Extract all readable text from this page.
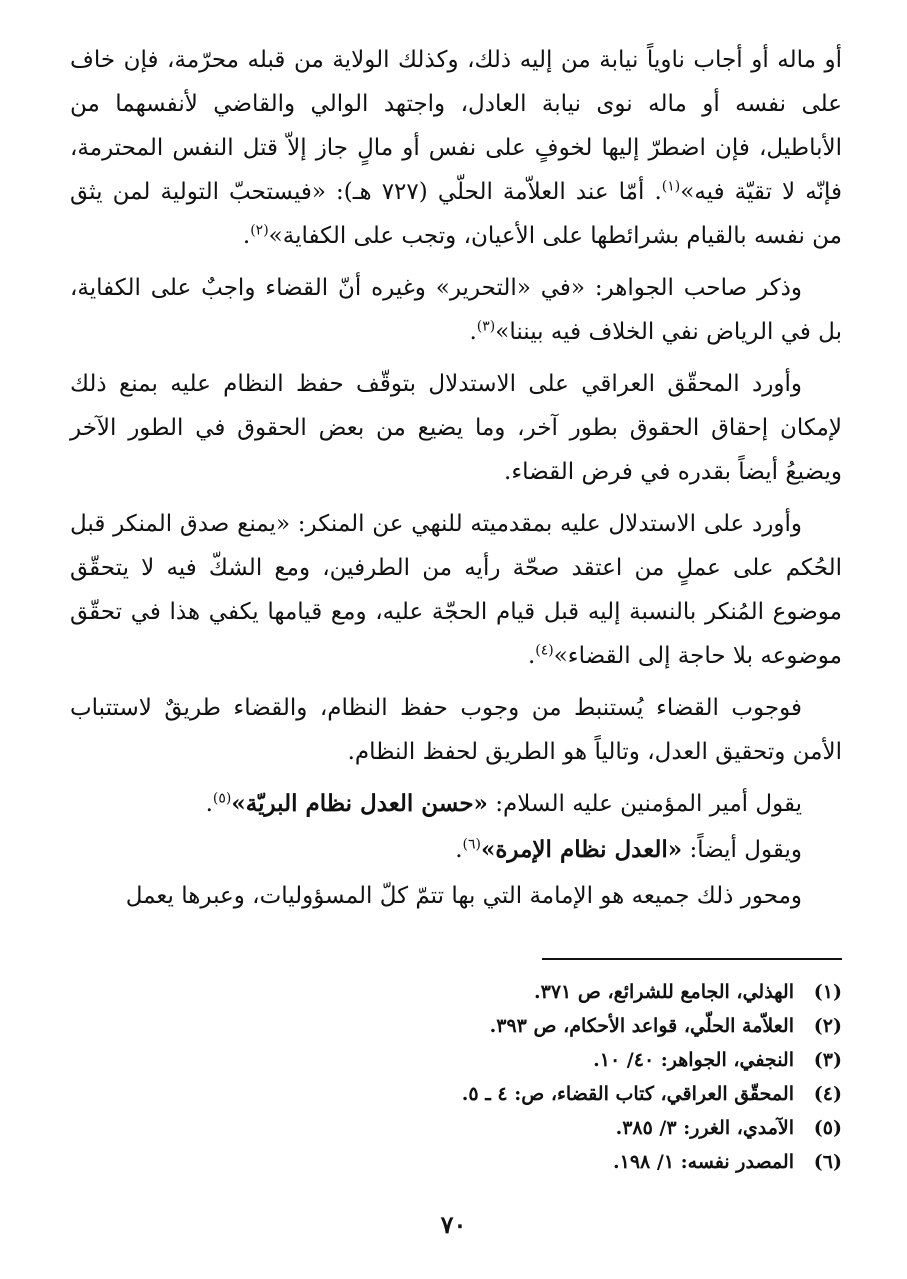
أو ماله أو أجاب ناوياً نيابة من إليه ذلك، وكذلك الولاية من قبله محرّمة، فإن خاف على نفسه أو ماله نوى نيابة العادل، واجتهد الوالي والقاضي لأنفسهما من الأباطيل، فإن اضطرّ إليها لخوفٍ على نفس أو مالٍ جاز إلاّ قتل النفس المحترمة، فإنّه لا تقيّة فيه»$^{(١)}$. أمّا عند العلاّمة الحلّي (٧٢٧ هـ): «فيستحبّ التولية لمن يثق من نفسه بالقيام بشرائطها على الأعيان، وتجب على الكفاية»$^{(٢)}$.

وذكر صاحب الجواهر: «في «التحرير» وغيره أنّ القضاء واجبٌ على الكفاية، بل في الرياض نفي الخلاف فيه بيننا»$^{(٣)}$.

وأورد المحقّق العراقي على الاستدلال بتوقّف حفظ النظام عليه بمنع ذلك لإمكان إحقاق الحقوق بطور آخر، وما يضيع من بعض الحقوق في الطور الآخر ويضيعُ أيضاً بقدره في فرض القضاء.

وأورد على الاستدلال عليه بمقدميته للنهي عن المنكر: «يمنع صدق المنكر قبل الحُكم على عملٍ من اعتقد صحّة رأيه من الطرفين، ومع الشكّ فيه لا يتحقّق موضوع المُنكر بالنسبة إليه قبل قيام الحجّة عليه، ومع قيامها يكفي هذا في تحقّق موضوعه بلا حاجة إلى القضاء»$^{(٤)}$.

فوجوب القضاء يُستنبط من وجوب حفظ النظام، والقضاء طريقٌ لاستتباب الأمن وتحقيق العدل، وتالياً هو الطريق لحفظ النظام.

يقول أمير المؤمنين عليه السلام: «حسن العدل نظام البريّة»$^{(٥)}$.

ويقول أيضاً: «العدل نظام الإمرة»$^{(٦)}$.

ومحور ذلك جميعه هو الإمامة التي بها تتمّ كلّ المسؤوليات، وعبرها يعمل

(١)
الهذلي، الجامع للشرائع، ص ٣٧١.
(٢)
العلاّمة الحلّي، قواعد الأحكام، ص ٣٩٣.
(٣)
النجفي، الجواهر: ٤٠/ ١٠.
(٤)
المحقّق العراقي، كتاب القضاء، ص: ٤ ـ ٥.
(٥)
الآمدي، الغرر: ٣/ ٣٨٥.
(٦)
المصدر نفسه: ١/ ١٩٨.
٧٠
